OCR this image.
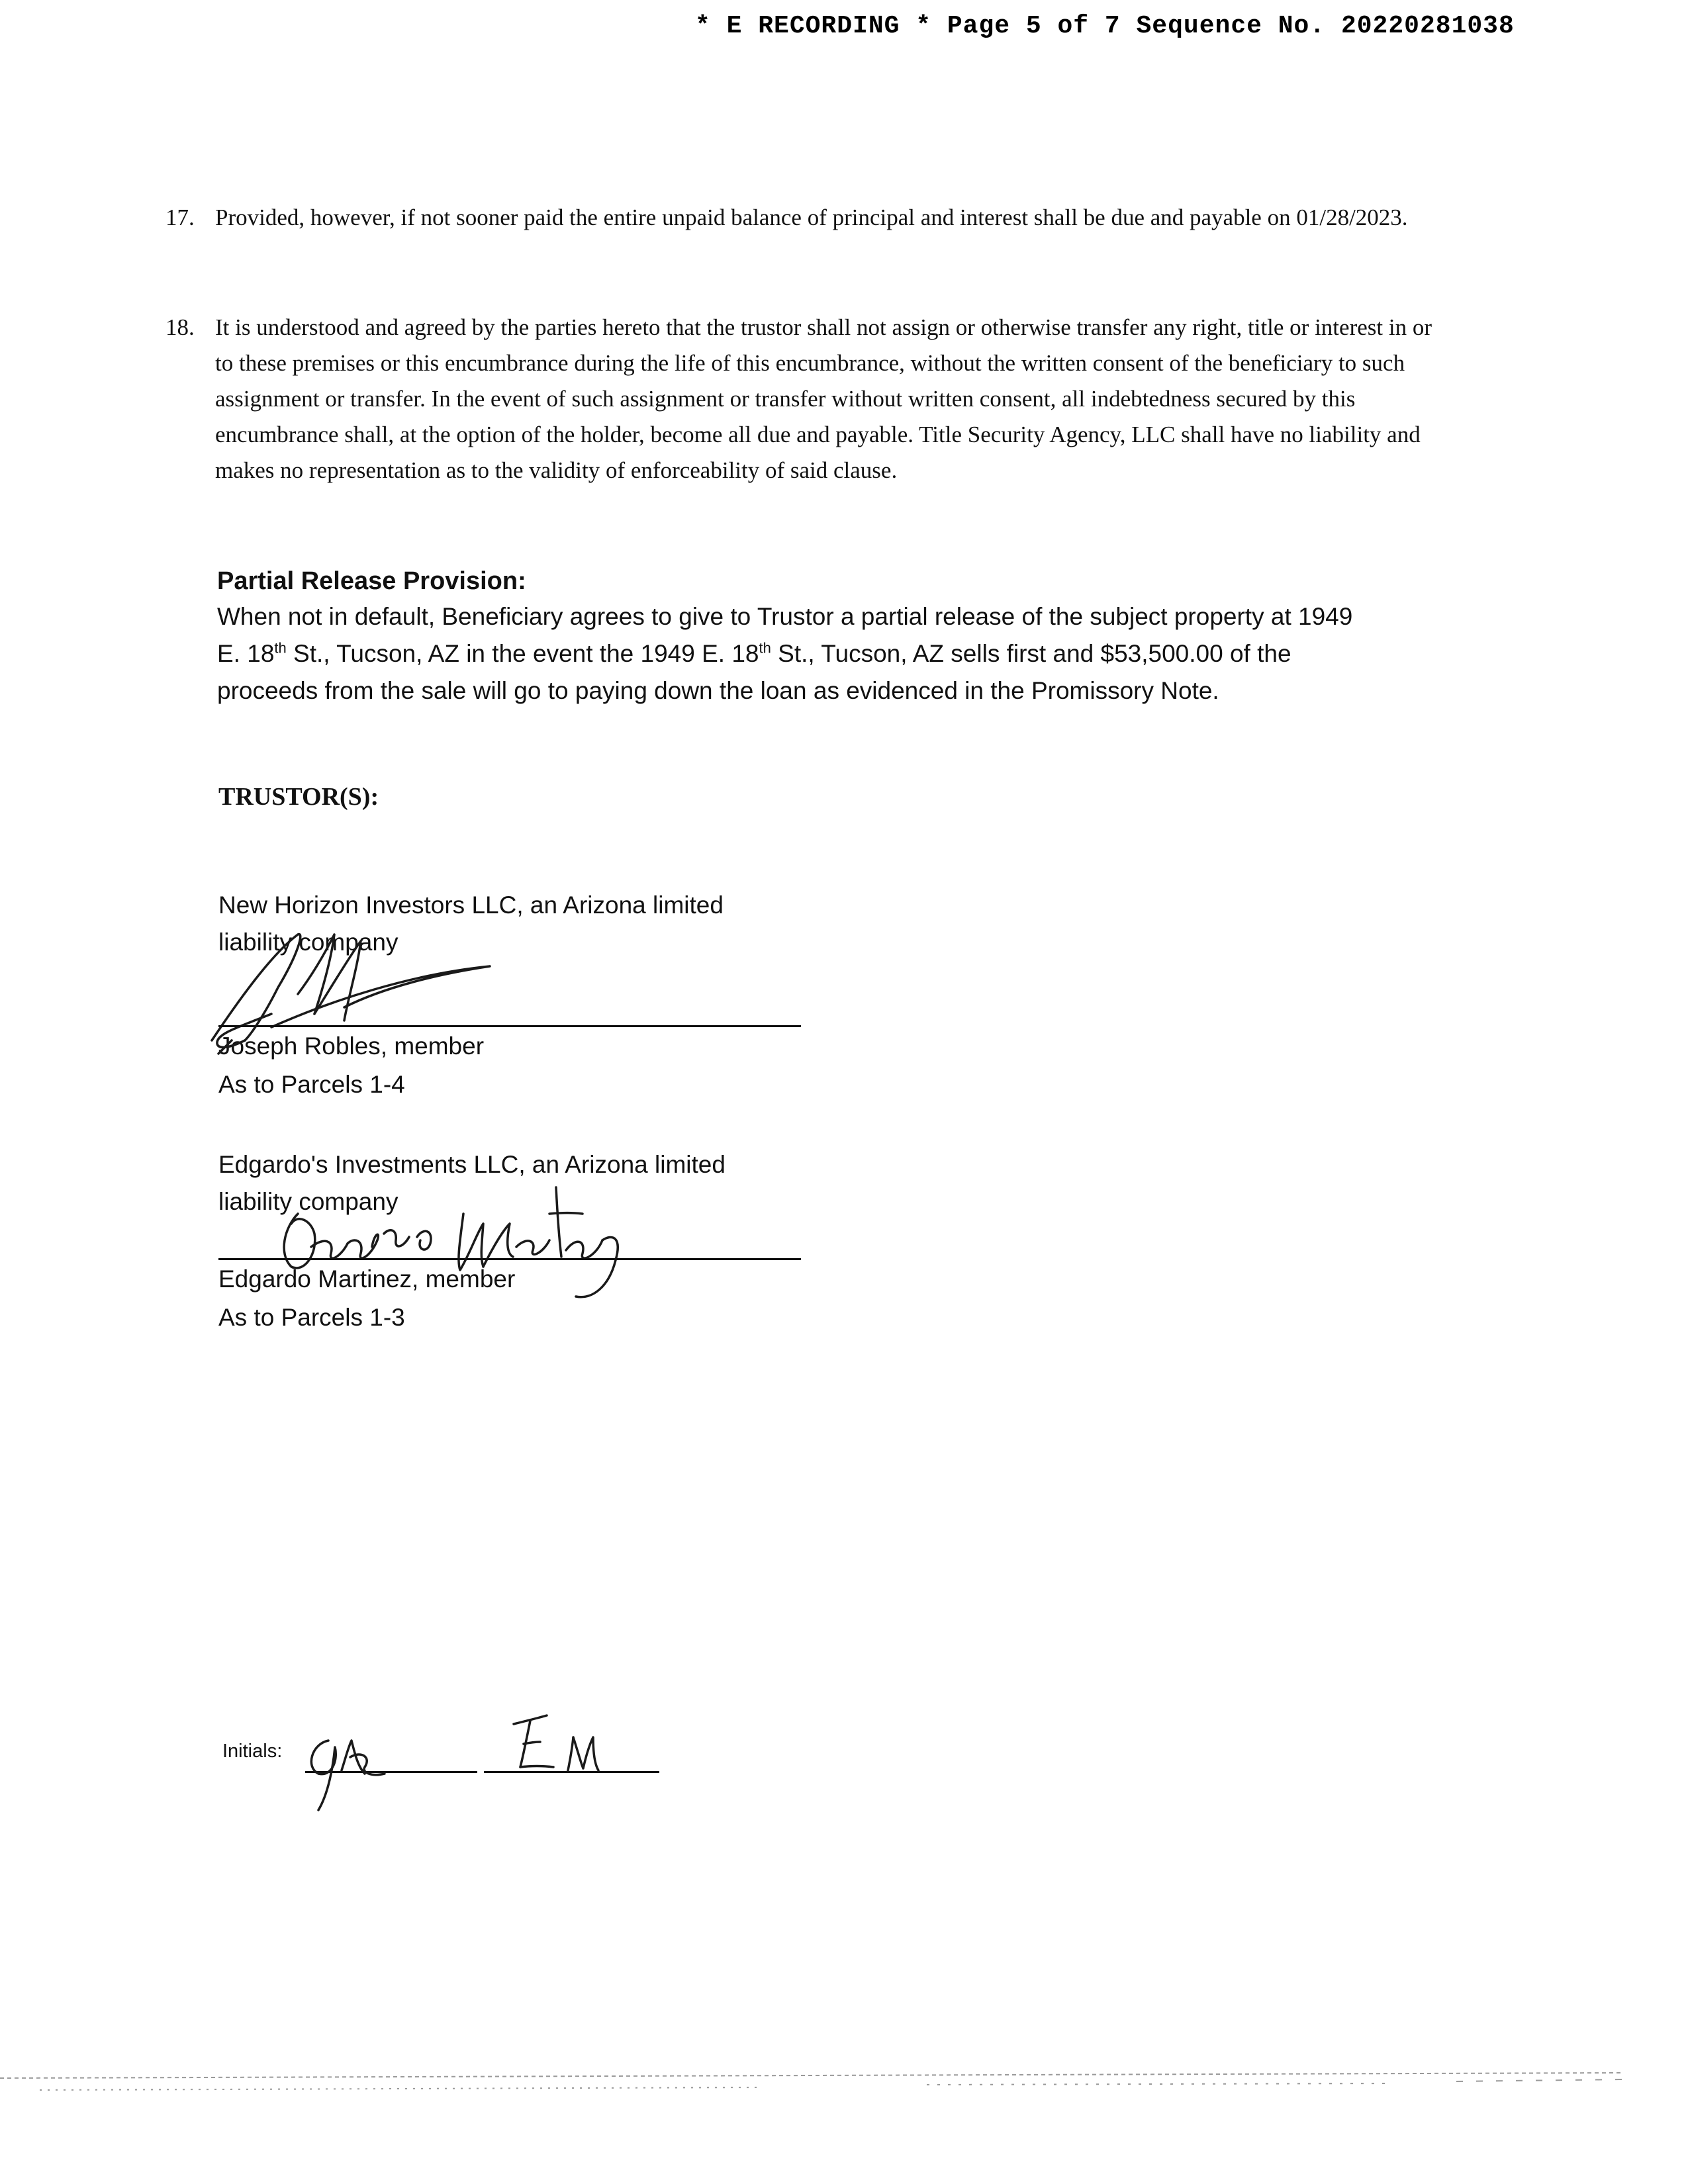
* E RECORDING * Page 5 of 7 Sequence No. 20220281038
17. Provided, however, if not sooner paid the entire unpaid balance of principal and interest shall be due and payable on 01/28/2023.
18. It is understood and agreed by the parties hereto that the trustor shall not assign or otherwise transfer any right, title or interest in or to these premises or this encumbrance during the life of this encumbrance, without the written consent of the beneficiary to such assignment or transfer. In the event of such assignment or transfer without written consent, all indebtedness secured by this encumbrance shall, at the option of the holder, become all due and payable. Title Security Agency, LLC shall have no liability and makes no representation as to the validity of enforceability of said clause.
Partial Release Provision:
When not in default, Beneficiary agrees to give to Trustor a partial release of the subject property at 1949
E. 18th St., Tucson, AZ in the event the 1949 E. 18th St., Tucson, AZ sells first and $53,500.00 of the
proceeds from the sale will go to paying down the loan as evidenced in the Promissory Note.
TRUSTOR(S):
New Horizon Investors LLC, an Arizona limited
liability company
Joseph Robles, member
As to Parcels 1-4
Edgardo's Investments LLC, an Arizona limited
liability company
Edgardo Martinez, member
As to Parcels 1-3
Initials:
